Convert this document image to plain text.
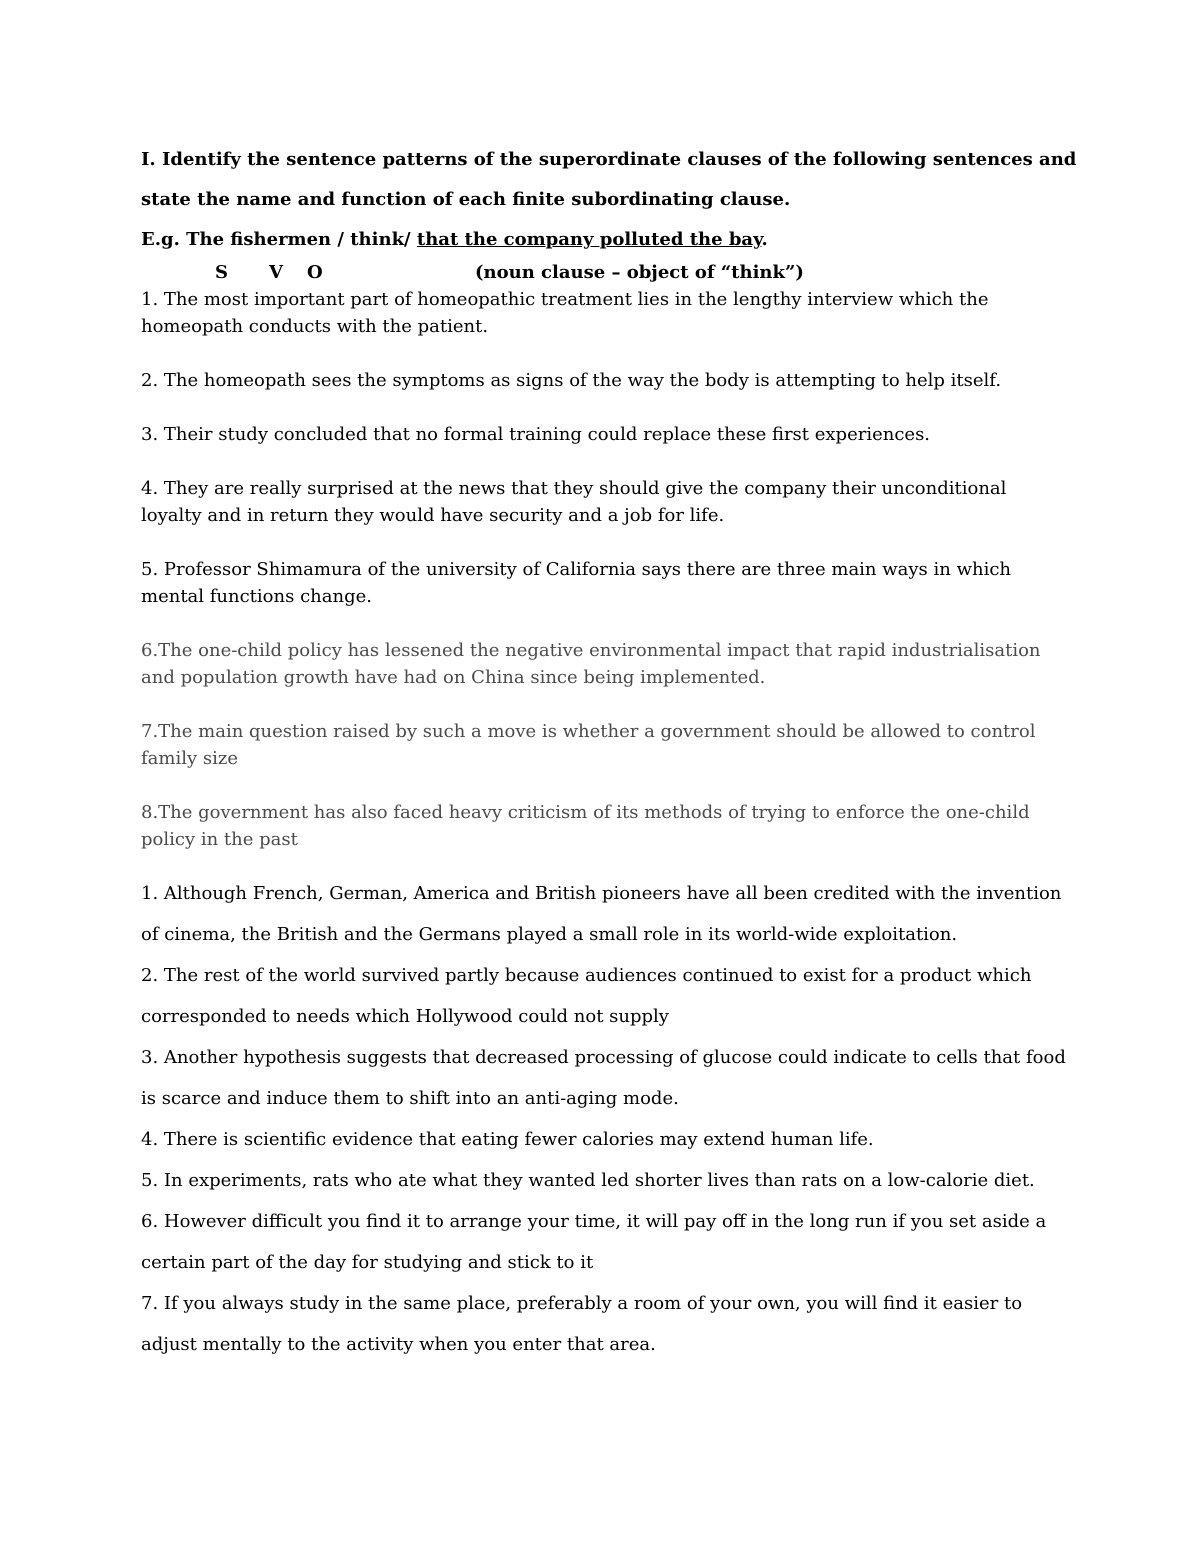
I. Identify the sentence patterns of the superordinate clauses of the following sentences and
state the name and function of each finite subordinating clause.
E.g. The fishermen / think/ that the company polluted the bay.
S V O	(noun clause – object of “think”)

1. The most important part of homeopathic treatment lies in the lengthy interview which the homeopath conducts with the patient.

2. The homeopath sees the symptoms as signs of the way the body is attempting to help itself.

3. Their study concluded that no formal training could replace these first experiences.

4. They are really surprised at the news that they should give the company their unconditional loyalty and in return they would have security and a job for life.

5. Professor Shimamura of the university of California says there are three main ways in which mental functions change.

6.The one-child policy has lessened the negative environmental impact that rapid industrialisation and population growth have had on China since being implemented.

7.The main question raised by such a move is whether a government should be allowed to control family size

8.The government has also faced heavy criticism of its methods of trying to enforce the one-child policy in the past

1. Although French, German, America and British pioneers have all been credited with the invention of cinema, the British and the Germans played a small role in its world-wide exploitation.

2. The rest of the world survived partly because audiences continued to exist for a product which corresponded to needs which Hollywood could not supply

3. Another hypothesis suggests that decreased processing of glucose could indicate to cells that food is scarce and induce them to shift into an anti-aging mode.

4. There is scientific evidence that eating fewer calories may extend human life.

5. In experiments, rats who ate what they wanted led shorter lives than rats on a low-calorie diet.

6. However difficult you find it to arrange your time, it will pay off in the long run if you set aside a certain part of the day for studying and stick to it

7. If you always study in the same place, preferably a room of your own, you will find it easier to adjust mentally to the activity when you enter that area.
